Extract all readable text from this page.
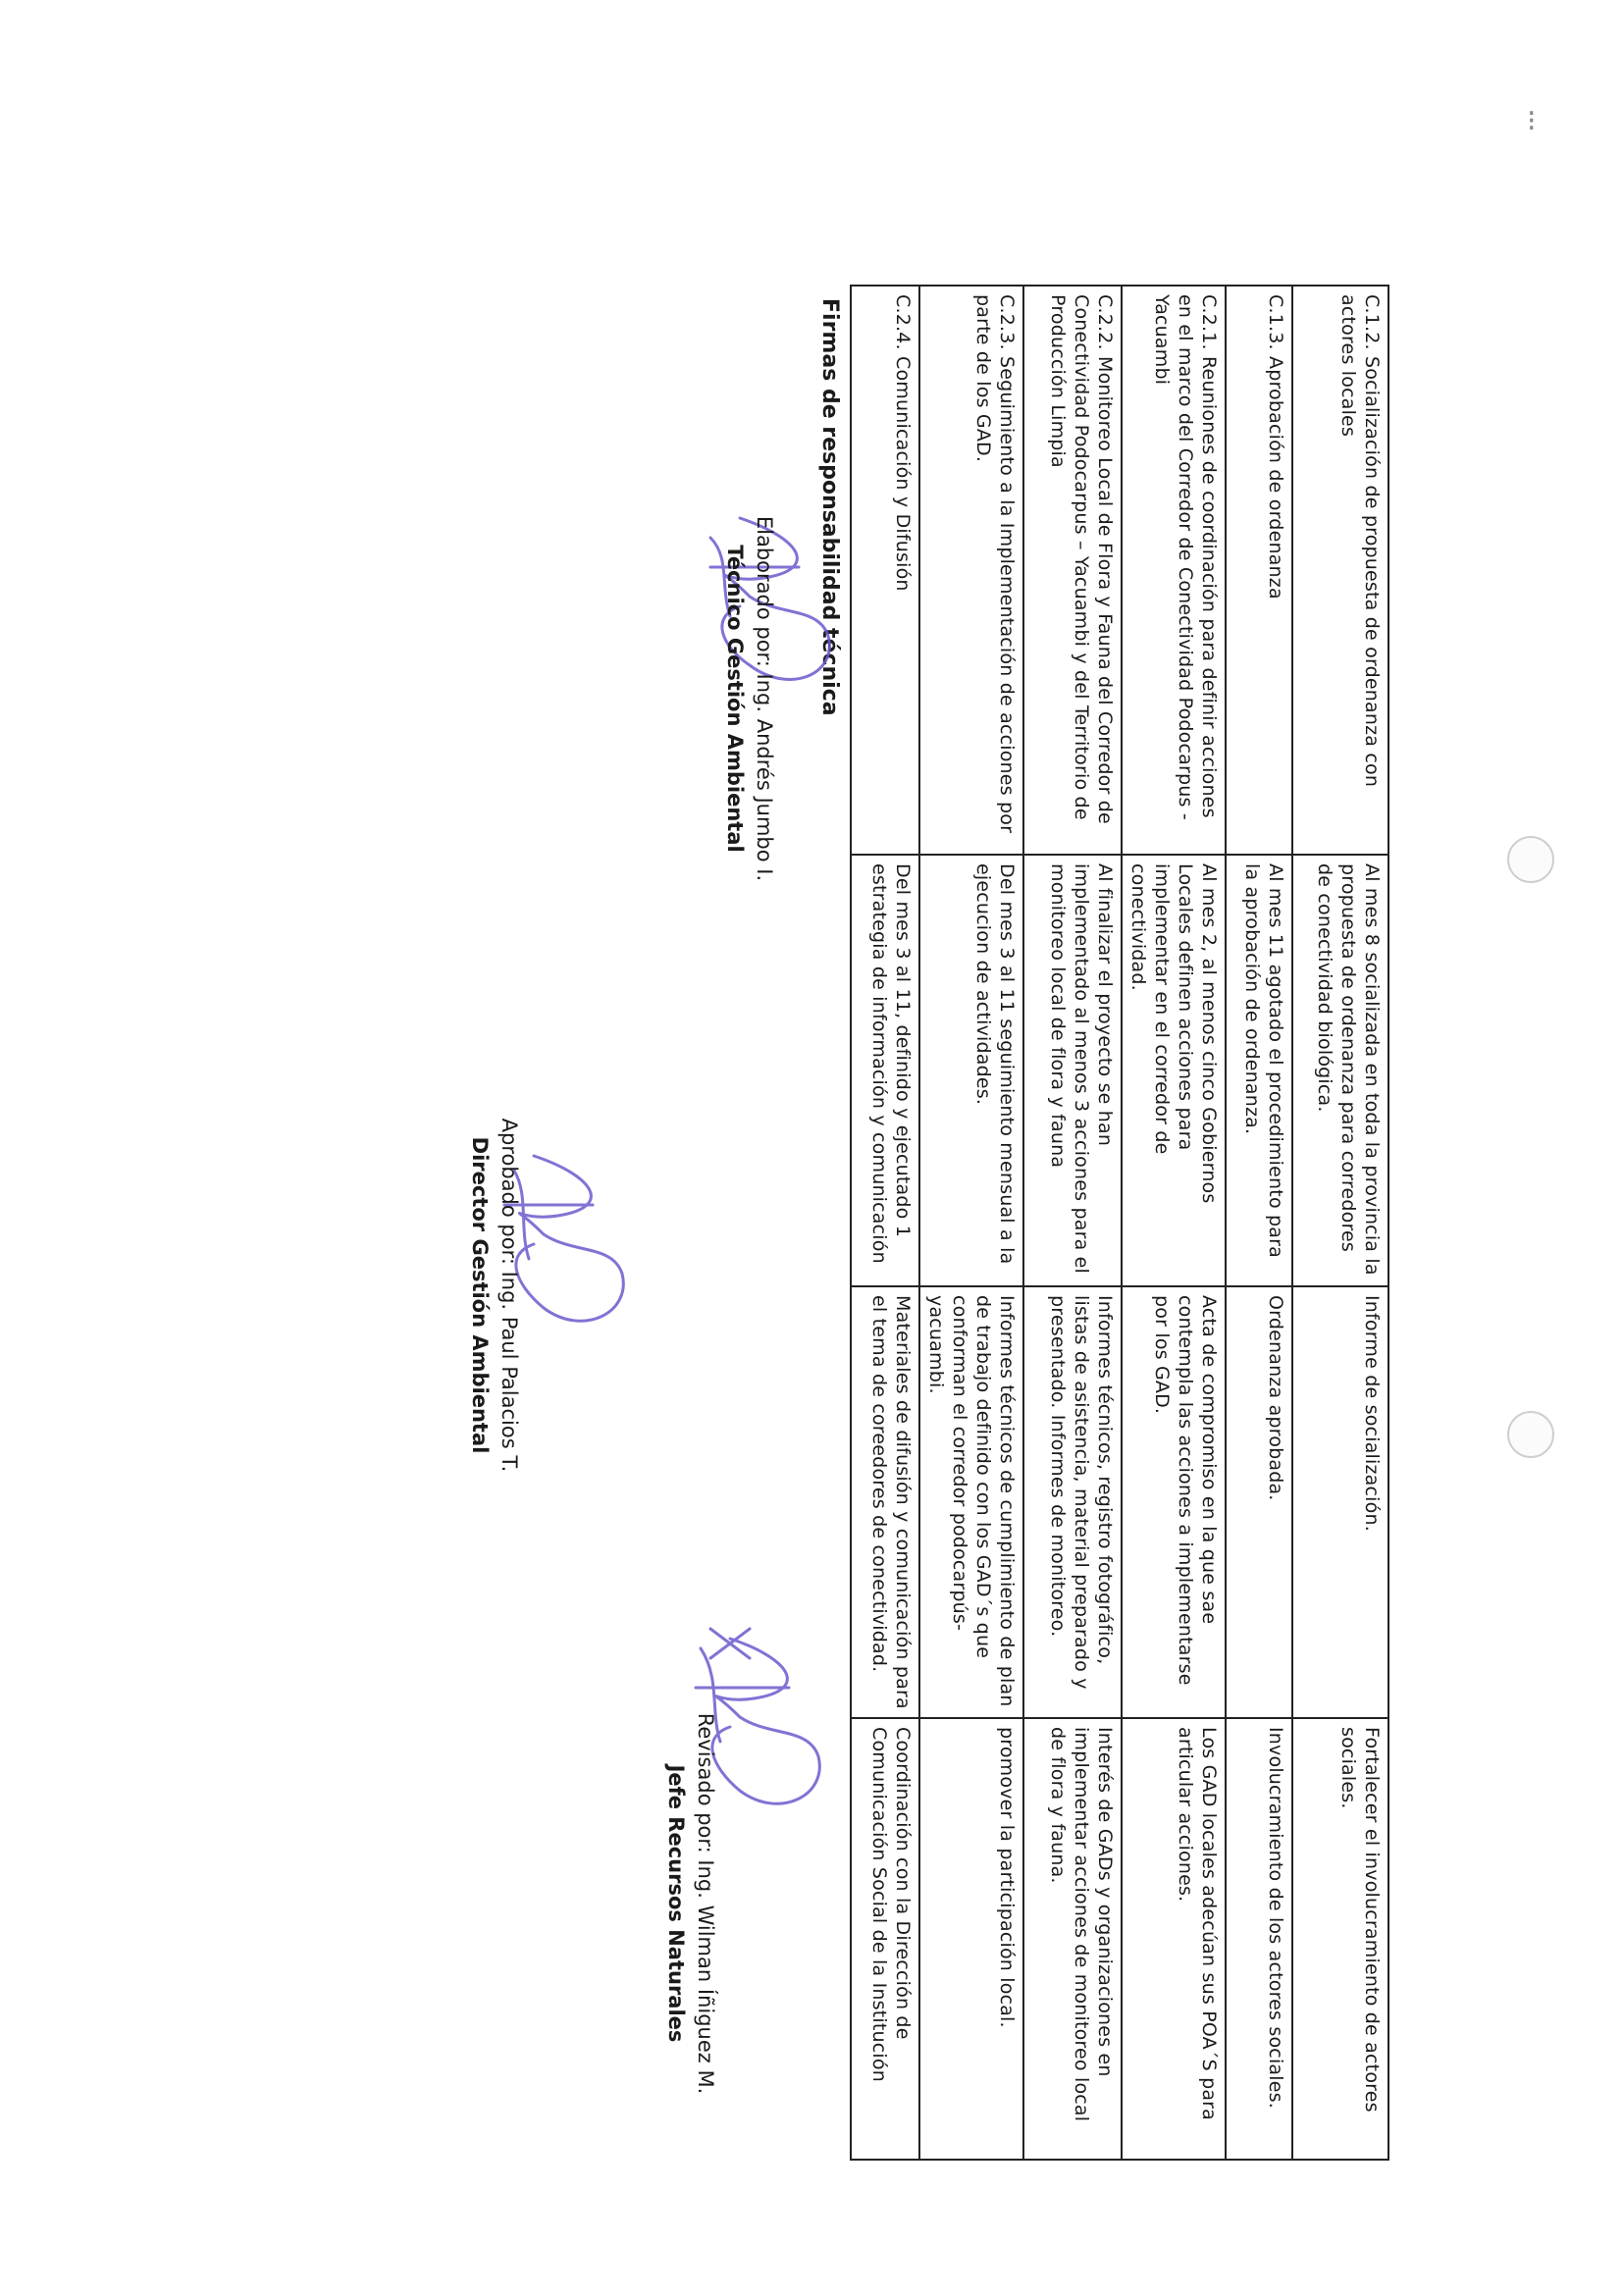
C.1.2. Socialización de propuesta de ordenanza con actores locales	Al mes 8 socializada en toda la provincia la propuesta de ordenanza para corredores de conectividad biológica.	Informe de socialización.	Fortalecer el involucramiento de actores sociales.
C.1.3. Aprobación de ordenanza	Al mes 11 agotado el procedimiento para la aprobación de ordenanza.	Ordenanza aprobada.	Involucramiento de los actores sociales.
C.2.1. Reuniones de coordinación para definir acciones en el marco del Corredor de Conectividad Podocarpus - Yacuambi	Al mes 2, al menos cinco Gobiernos Locales definen acciones para implementar en el corredor de conectividad.	Acta de compromiso en la que sae contempla las acciones a implementarse por los GAD.	Los GAD locales adecúan sus POA´S para articular acciones.
C.2.2. Monitoreo Local de Flora y Fauna del Corredor de Conectividad Podocarpus – Yacuambi y del Territorio de Producción Limpia	Al finalizar el proyecto se han implementado al menos 3 acciones para el monitoreo local de flora y fauna	Informes técnicos, registro fotográfico, listas de asistencia, material preparado y presentado. Informes de monitoreo.	Interés de GADs y organizaciones en implementar acciones de monitoreo local de flora y fauna.
C.2.3. Seguimiento a la Implementación de acciones por parte de los GAD.	Del mes 3 al 11 seguimiento mensual a la ejecucion de actividades.	Informes técnicos de cumplimiento de plan de trabajo definido con los GAD´s que conforman el corredor podocarpús-yacuambi.	promover la participación local.
C.2.4. Comunicación y Difusión	Del mes 3 al 11, definido y ejecutado 1 estrategia de información y comunicación	Materiales de difusión y comunicación para el tema de coreedores de conectividad.	Coordinación con la Dirección de Comunicación Social de la Institución
Firmas de responsabilidad técnica
Elaborado por: Ing. Andrés Jumbo I.
Técnico Gestión Ambiental
Aprobado por: Ing. Paul Palacios T.
Director Gestión Ambiental
Revisado por: Ing. Wilman Íñiguez M.
Jefe Recursos Naturales
⁝
